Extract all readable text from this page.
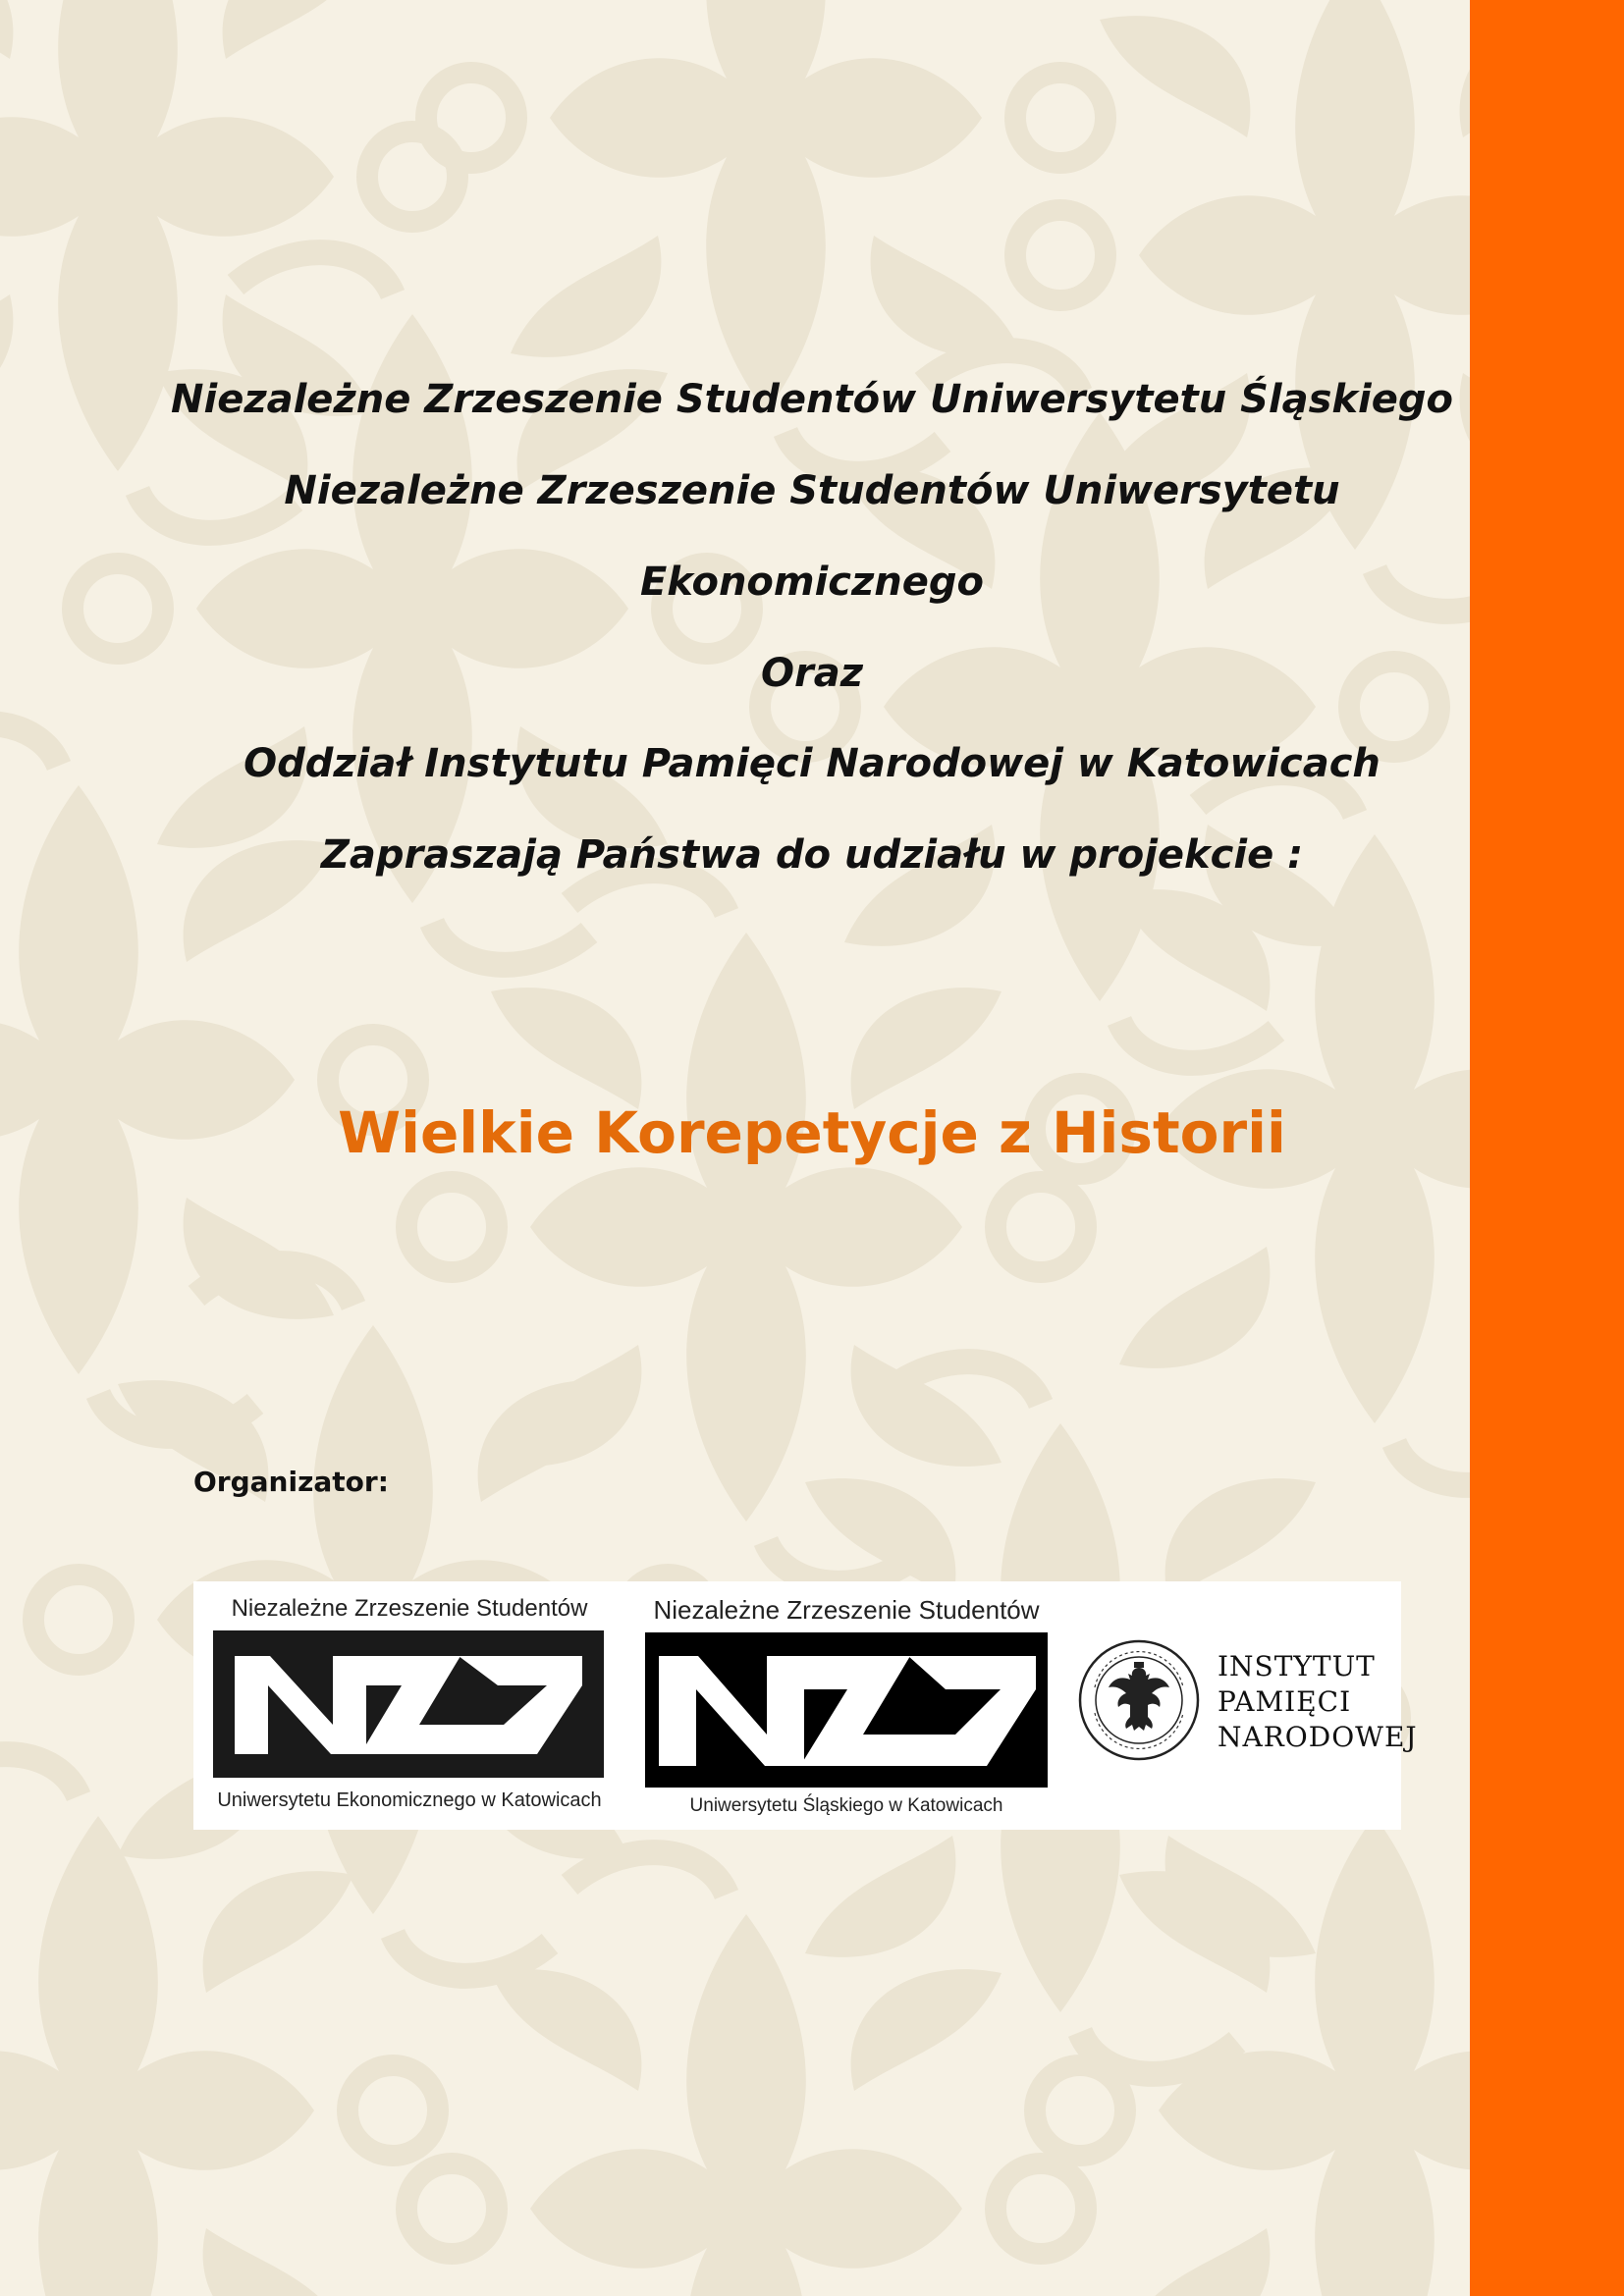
Niezależne Zrzeszenie Studentów Uniwersytetu Śląskiego
Niezależne Zrzeszenie Studentów Uniwersytetu
Ekonomicznego
Oraz
Oddział Instytutu Pamięci Narodowej w Katowicach
Zapraszają Państwa do udziału w projekcie :
Wielkie Korepetycje z Historii
Organizator:
Niezależne Zrzeszenie Studentów
Uniwersytetu Ekonomicznego w Katowicach
Niezależne Zrzeszenie Studentów
Uniwersytetu Śląskiego w Katowicach
INSTYTUT
PAMIĘCI
NARODOWEJ
